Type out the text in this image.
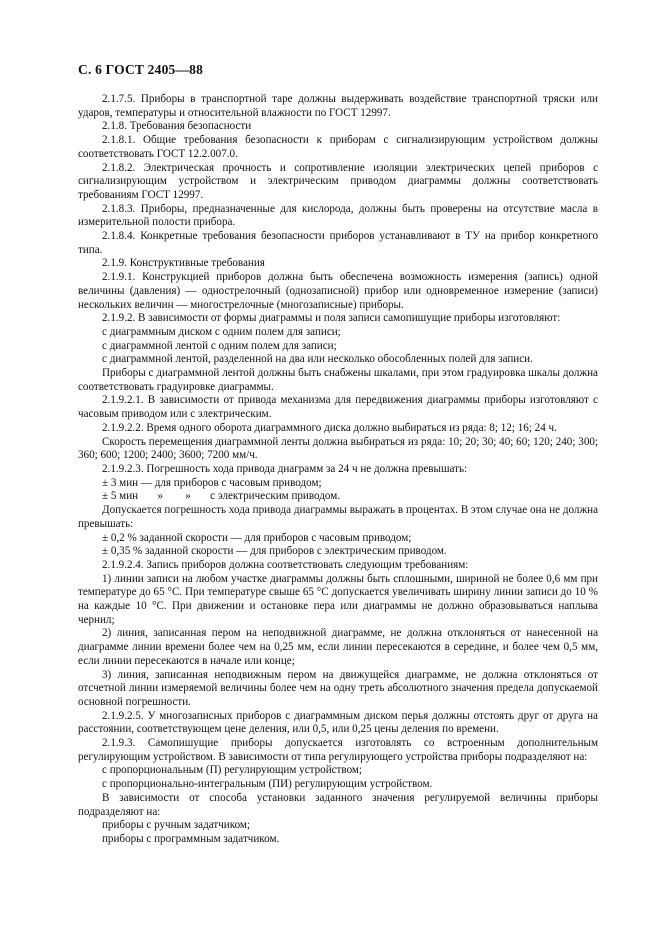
С. 6 ГОСТ 2405—88

2.1.7.5. Приборы в транспортной таре должны выдерживать воздействие транспортной тряски или ударов, температуры и относительной влажности по ГОСТ 12997.

2.1.8. Требования безопасности

2.1.8.1. Общие требования безопасности к приборам с сигнализирующим устройством должны соответствовать ГОСТ 12.2.007.0.

2.1.8.2. Электрическая прочность и сопротивление изоляции электрических цепей приборов с сигнализирующим устройством и электрическим приводом диаграммы должны соответствовать требованиям ГОСТ 12997.

2.1.8.3. Приборы, предназначенные для кислорода, должны быть проверены на отсутствие масла в измерительной полости прибора.

2.1.8.4. Конкретные требования безопасности приборов устанавливают в ТУ на прибор конкретного типа.

2.1.9. Конструктивные требования

2.1.9.1. Конструкцией приборов должна быть обеспечена возможность измерения (запись) одной величины (давления) — однострелочный (однозаписной) прибор или одновременное измерение (записи) нескольких величин — многострелочные (многозаписные) приборы.

2.1.9.2. В зависимости от формы диаграммы и поля записи самопишущие приборы изготовляют:

с диаграммным диском с одним полем для записи;

с диаграммной лентой с одним полем для записи;

с диаграммной лентой, разделенной на два или несколько обособленных полей для записи.

Приборы с диаграммной лентой должны быть снабжены шкалами, при этом градуировка шкалы должна соответствовать градуировке диаграммы.

2.1.9.2.1. В зависимости от привода механизма для передвижения диаграммы приборы изготовляют с часовым приводом или с электрическим.

2.1.9.2.2. Время одного оборота диаграммного диска должно выбираться из ряда: 8; 12; 16; 24 ч.

Скорость перемещения диаграммной ленты должна выбираться из ряда: 10; 20; 30; 40; 60; 120; 240; 300; 360; 600; 1200; 2400; 3600; 7200 мм/ч.

2.1.9.2.3. Погрешность хода привода диаграмм за 24 ч не должна превышать:

± 3 мин — для приборов с часовым приводом;

± 5 мин       »        »       с электрическим приводом.

Допускается погрешность хода привода диаграммы выражать в процентах. В этом случае она не должна превышать:

± 0,2 % заданной скорости — для приборов с часовым приводом;

± 0,35 % заданной скорости — для приборов с электрическим приводом.

2.1.9.2.4. Запись приборов должна соответствовать следующим требованиям:

1) линии записи на любом участке диаграммы должны быть сплошными, шириной не более 0,6 мм при температуре до 65 °С. При температуре свыше 65 °С допускается увеличивать ширину линии записи до 10 % на каждые 10 °С. При движении и остановке пера или диаграммы не должно образовываться наплыва чернил;

2) линия, записанная пером на неподвижной диаграмме, не должна отклоняться от нанесенной на диаграмме линии времени более чем на 0,25 мм, если линии пересекаются в середине, и более чем 0,5 мм, если линии пересекаются в начале или конце;

3) линия, записанная неподвижным пером на движущейся диаграмме, не должна отклоняться от отсчетной линии измеряемой величины более чем на одну треть абсолютного значения предела допускаемой основной погрешности.

2.1.9.2.5. У многозаписных приборов с диаграммным диском перья должны отстоять друг от друга на расстоянии, соответствующем цене деления, или 0,5, или 0,25 цены деления по времени.

2.1.9.3. Самопишущие приборы допускается изготовлять со встроенным дополнительным регулирующим устройством. В зависимости от типа регулирующего устройства приборы подразделяют на:

с пропорциональным (П) регулирующим устройством;

с пропорционально-интегральным (ПИ) регулирующим устройством.

В зависимости от способа установки заданного значения регулируемой величины приборы подразделяют на:

приборы с ручным задатчиком;

приборы с программным задатчиком.
